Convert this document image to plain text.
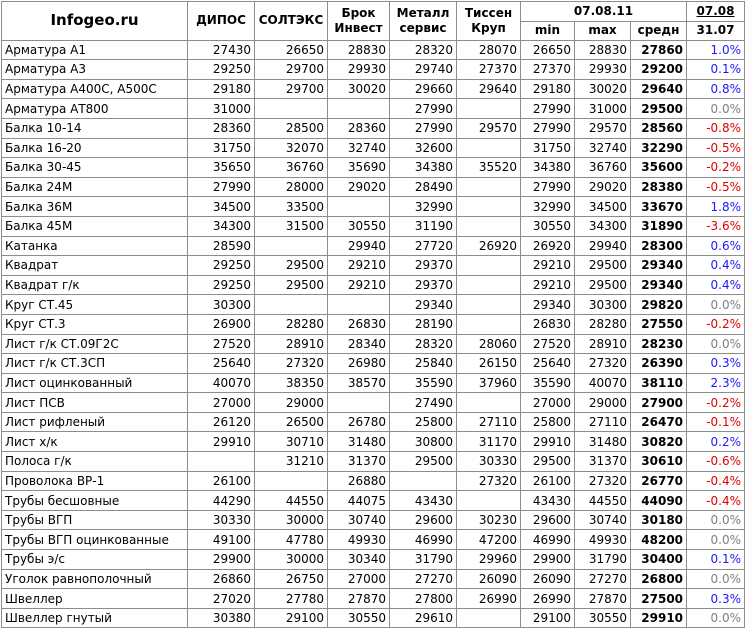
Infogeo.ru	ДИПОС	СОЛТЭКС	Брок Инвест	Металл сервис	Тиссен Круп	07.08.11			07.08
						min	max	средн	31.07
Арматура А1	27430	26650	28830	28320	28070	26650	28830	27860	1.0%
Арматура А3	29250	29700	29930	29740	27370	27370	29930	29200	0.1%
Арматура А400С, А500С	29180	29700	30020	29660	29640	29180	30020	29640	0.8%
Арматура АТ800	31000			27990		27990	31000	29500	0.0%
Балка 10-14	28360	28500	28360	27990	29570	27990	29570	28560	-0.8%
Балка 16-20	31750	32070	32740	32600		31750	32740	32290	-0.5%
Балка 30-45	35650	36760	35690	34380	35520	34380	36760	35600	-0.2%
Балка 24М	27990	28000	29020	28490		27990	29020	28380	-0.5%
Балка 36М	34500	33500		32990		32990	34500	33670	1.8%
Балка 45М	34300	31500	30550	31190		30550	34300	31890	-3.6%
Катанка	28590		29940	27720	26920	26920	29940	28300	0.6%
Квадрат	29250	29500	29210	29370		29210	29500	29340	0.4%
Квадрат г/к	29250	29500	29210	29370		29210	29500	29340	0.4%
Круг СТ.45	30300			29340		29340	30300	29820	0.0%
Круг СТ.3	26900	28280	26830	28190		26830	28280	27550	-0.2%
Лист г/к СТ.09Г2С	27520	28910	28340	28320	28060	27520	28910	28230	0.0%
Лист г/к СТ.3СП	25640	27320	26980	25840	26150	25640	27320	26390	0.3%
Лист оцинкованный	40070	38350	38570	35590	37960	35590	40070	38110	2.3%
Лист ПСВ	27000	29000		27490		27000	29000	27900	-0.2%
Лист рифленый	26120	26500	26780	25800	27110	25800	27110	26470	-0.1%
Лист х/к	29910	30710	31480	30800	31170	29910	31480	30820	0.2%
Полоса г/к		31210	31370	29500	30330	29500	31370	30610	-0.6%
Проволока ВР-1	26100		26880		27320	26100	27320	26770	-0.4%
Трубы бесшовные	44290	44550	44075	43430		43430	44550	44090	-0.4%
Трубы ВГП	30330	30000	30740	29600	30230	29600	30740	30180	0.0%
Трубы ВГП оцинкованные	49100	47780	49930	46990	47200	46990	49930	48200	0.0%
Трубы э/с	29900	30000	30340	31790	29960	29900	31790	30400	0.1%
Уголок равнополочный	26860	26750	27000	27270	26090	26090	27270	26800	0.0%
Швеллер	27020	27780	27870	27800	26990	26990	27870	27500	0.3%
Швеллер гнутый	30380	29100	30550	29610		29100	30550	29910	0.0%
